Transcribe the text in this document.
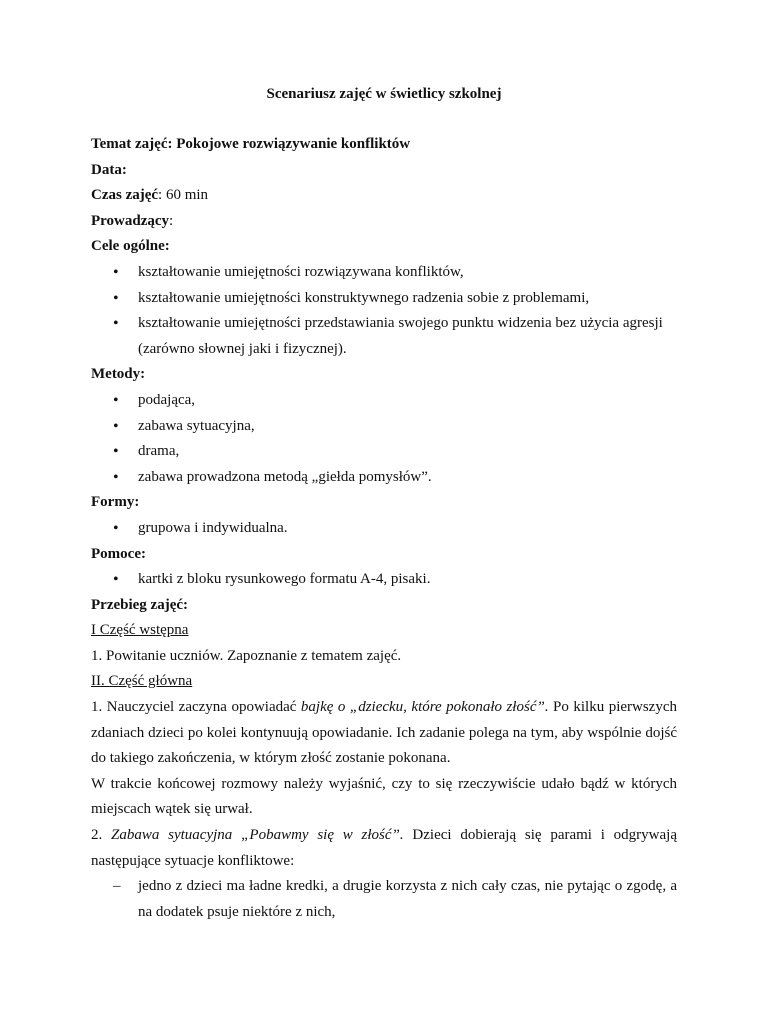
Scenariusz zajęć w świetlicy szkolnej

Temat zajęć: Pokojowe rozwiązywanie konfliktów

Data:

Czas zajęć: 60 min

Prowadzący:

Cele ogólne:

• kształtowanie umiejętności rozwiązywana konfliktów,
• kształtowanie umiejętności konstruktywnego radzenia sobie z problemami,
• kształtowanie umiejętności przedstawiania swojego punktu widzenia bez użycia agresji (zarówno słownej jaki i fizycznej).

Metody:

• podająca,
• zabawa sytuacyjna,
• drama,
• zabawa prowadzona metodą „giełda pomysłów”.

Formy:

• grupowa i indywidualna.

Pomoce:

• kartki z bloku rysunkowego formatu A-4, pisaki.

Przebieg zajęć:

I Część wstępna

1. Powitanie uczniów. Zapoznanie z tematem zajęć.

II. Część główna

1. Nauczyciel zaczyna opowiadać bajkę o „dziecku, które pokonało złość”. Po kilku pierwszych zdaniach dzieci po kolei kontynuują opowiadanie. Ich zadanie polega na tym, aby wspólnie dojść do takiego zakończenia, w którym złość zostanie pokonana.

W trakcie końcowej rozmowy należy wyjaśnić, czy to się rzeczywiście udało bądź w których miejscach wątek się urwał.

2. Zabawa sytuacyjna „Pobawmy się w złość”. Dzieci dobierają się parami i odgrywają następujące sytuacje konfliktowe:

– jedno z dzieci ma ładne kredki, a drugie korzysta z nich cały czas, nie pytając o zgodę, a na dodatek psuje niektóre z nich,
